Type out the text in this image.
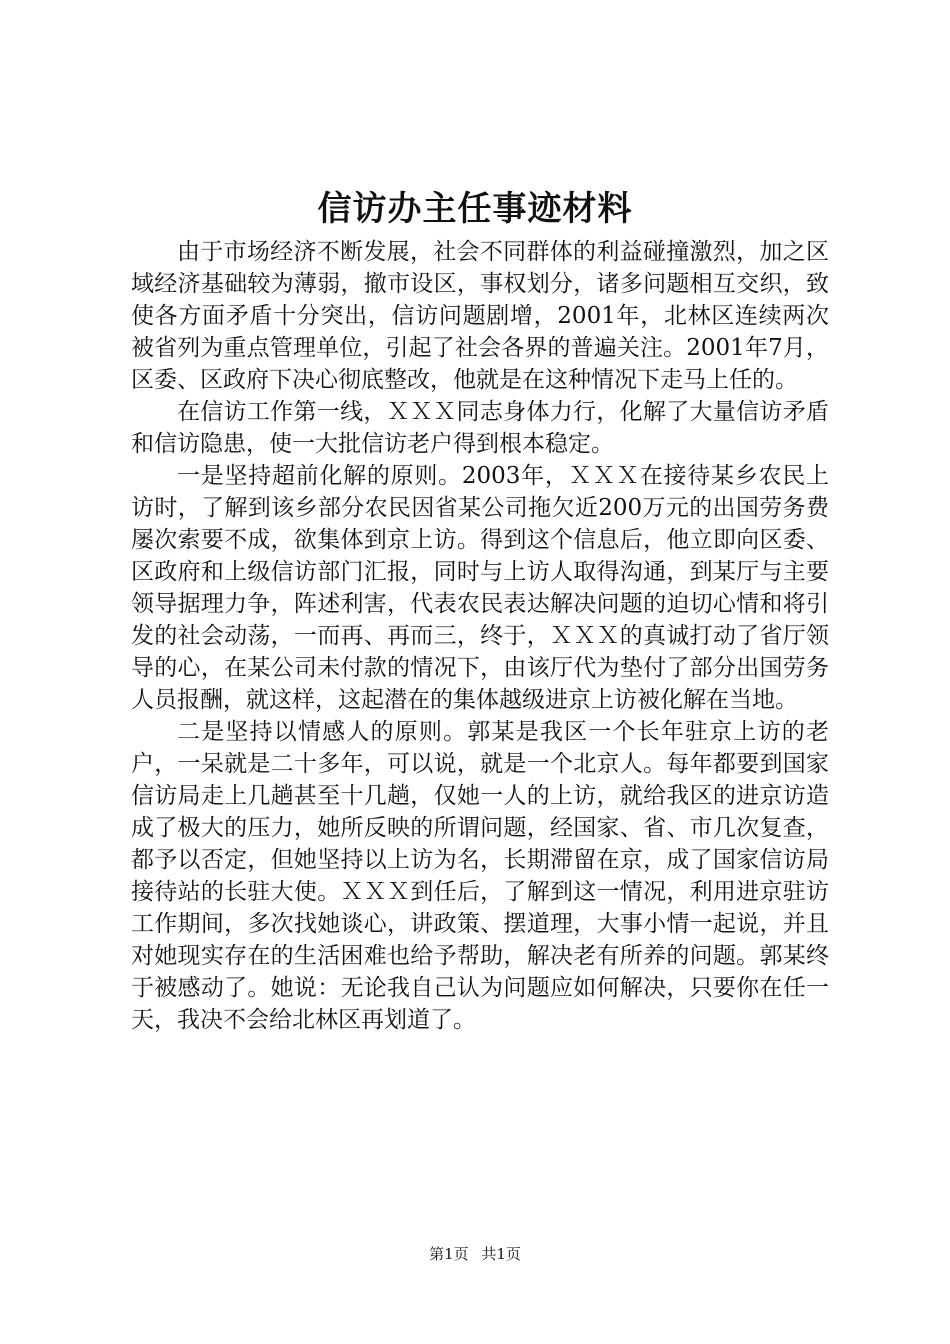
信访办主任事迹材料

由于市场经济不断发展，社会不同群体的利益碰撞激烈，加之区域经济基础较为薄弱，撤市设区，事权划分，诸多问题相互交织，致使各方面矛盾十分突出，信访问题剧增，2001年，北林区连续两次被省列为重点管理单位，引起了社会各界的普遍关注。2001年7月，区委、区政府下决心彻底整改，他就是在这种情况下走马上任的。

在信访工作第一线，ＸＸＸ同志身体力行，化解了大量信访矛盾和信访隐患，使一大批信访老户得到根本稳定。

一是坚持超前化解的原则。2003年，ＸＸＸ在接待某乡农民上访时，了解到该乡部分农民因省某公司拖欠近200万元的出国劳务费屡次索要不成，欲集体到京上访。得到这个信息后，他立即向区委、区政府和上级信访部门汇报，同时与上访人取得沟通，到某厅与主要领导据理力争，阵述利害，代表农民表达解决问题的迫切心情和将引发的社会动荡，一而再、再而三，终于，ＸＸＸ的真诚打动了省厅领导的心，在某公司未付款的情况下，由该厅代为垫付了部分出国劳务人员报酬，就这样，这起潜在的集体越级进京上访被化解在当地。

二是坚持以情感人的原则。郭某是我区一个长年驻京上访的老户，一呆就是二十多年，可以说，就是一个北京人。每年都要到国家信访局走上几趟甚至十几趟，仅她一人的上访，就给我区的进京访造成了极大的压力，她所反映的所谓问题，经国家、省、市几次复查，都予以否定，但她坚持以上访为名，长期滞留在京，成了国家信访局接待站的长驻大使。ＸＸＸ到任后，了解到这一情况，利用进京驻访工作期间，多次找她谈心，讲政策、摆道理，大事小情一起说，并且对她现实存在的生活困难也给予帮助，解决老有所养的问题。郭某终于被感动了。她说：无论我自己认为问题应如何解决，只要你在任一天，我决不会给北林区再划道了。

第1页 共1页
